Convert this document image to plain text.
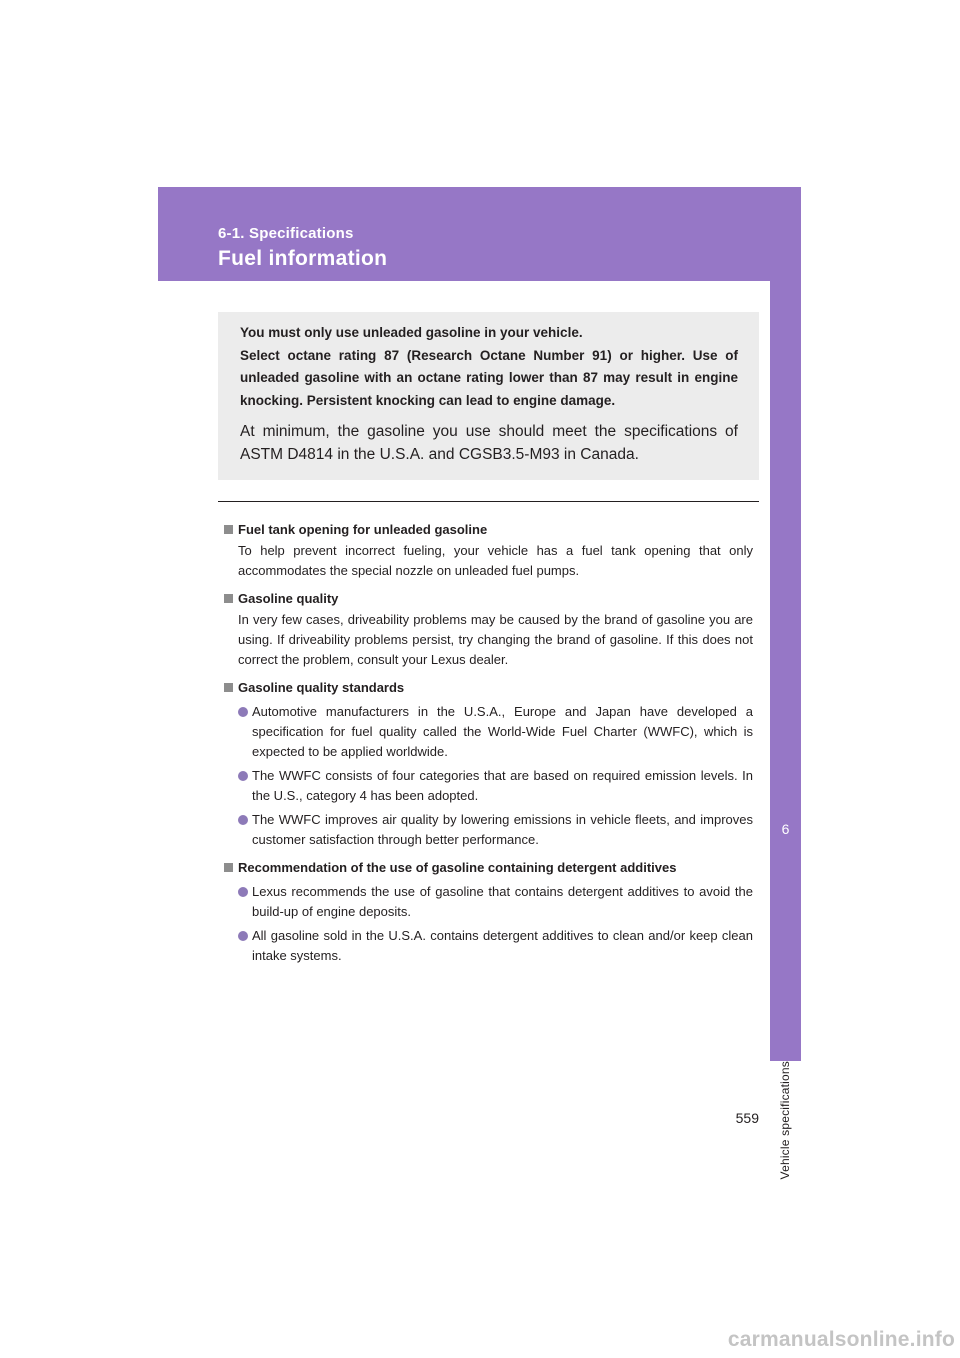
6-1. Specifications
Fuel information
6
Vehicle specifications
You must only use unleaded gasoline in your vehicle.
Select octane rating 87 (Research Octane Number 91) or higher. Use of unleaded gasoline with an octane rating lower than 87 may result in engine knocking. Persistent knocking can lead to engine damage.
At minimum, the gasoline you use should meet the specifications of ASTM D4814 in the U.S.A. and CGSB3.5-M93 in Canada.
Fuel tank opening for unleaded gasoline
To help prevent incorrect fueling, your vehicle has a fuel tank opening that only accommodates the special nozzle on unleaded fuel pumps.
Gasoline quality
In very few cases, driveability problems may be caused by the brand of gasoline you are using. If driveability problems persist, try changing the brand of gasoline. If this does not correct the problem, consult your Lexus dealer.
Gasoline quality standards
Automotive manufacturers in the U.S.A., Europe and Japan have developed a specification for fuel quality called the World-Wide Fuel Charter (WWFC), which is expected to be applied worldwide.
The WWFC consists of four categories that are based on required emission levels. In the U.S., category 4 has been adopted.
The WWFC improves air quality by lowering emissions in vehicle fleets, and improves customer satisfaction through better performance.
Recommendation of the use of gasoline containing detergent additives
Lexus recommends the use of gasoline that contains detergent additives to avoid the build-up of engine deposits.
All gasoline sold in the U.S.A. contains detergent additives to clean and/or keep clean intake systems.
559
carmanualsonline.info
